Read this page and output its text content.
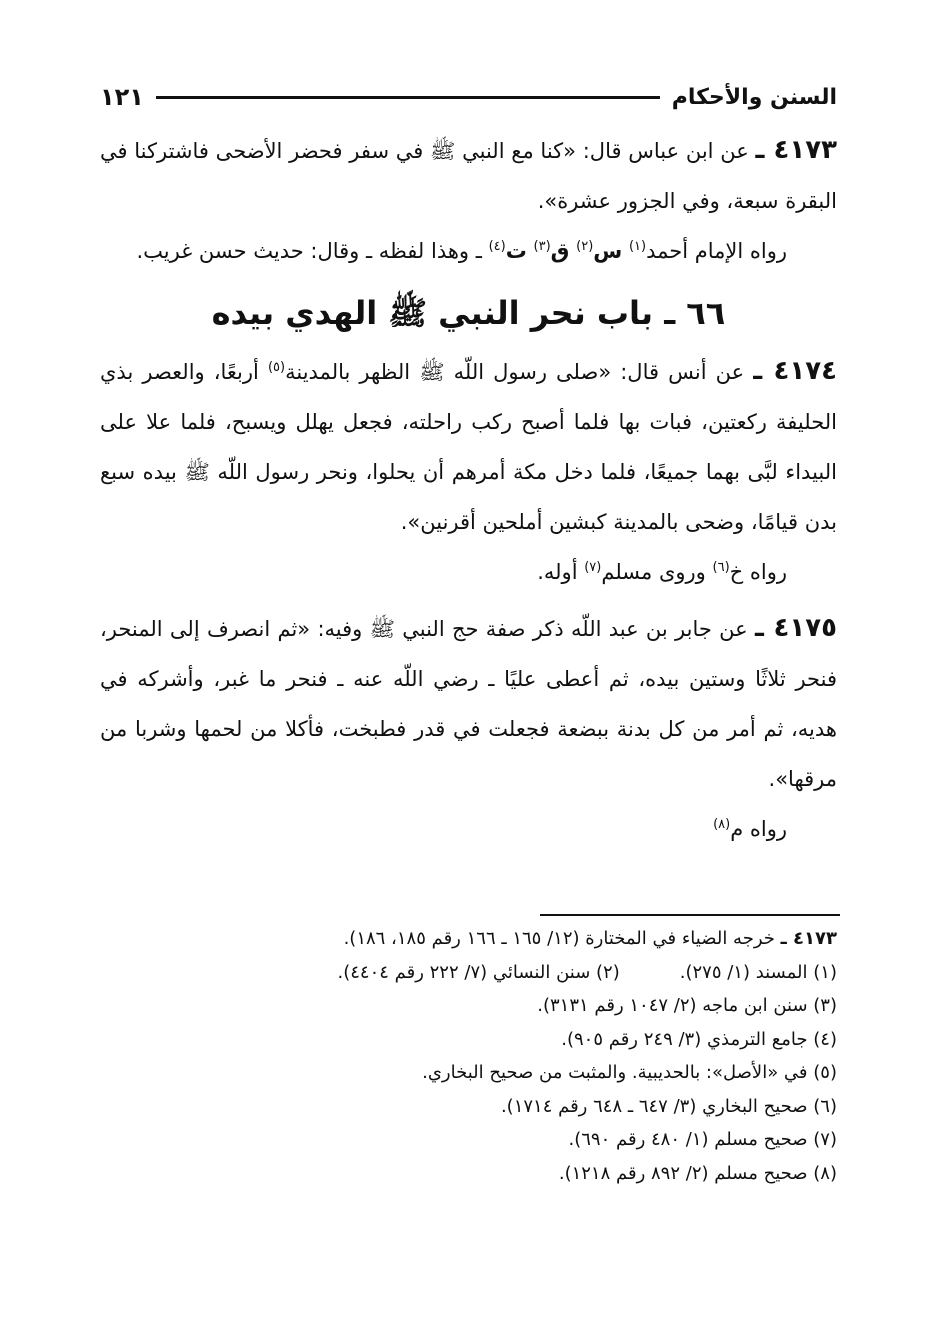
السنن والأحكام
١٢١

٤١٧٣ ـ عن ابن عباس قال: «كنا مع النبي ﷺ في سفر فحضر الأضحى فاشتركنا في البقرة سبعة، وفي الجزور عشرة».

رواه الإمام أحمد$^{(١)}$ س$^{(٢)}$ ق$^{(٣)}$ ت$^{(٤)}$ ـ وهذا لفظه ـ وقال: حديث حسن غريب.

٦٦ ـ باب نحر النبي ﷺ الهدي بيده

٤١٧٤ ـ عن أنس قال: «صلى رسول اللّه ﷺ الظهر بالمدينة$^{(٥)}$ أربعًا، والعصر بذي الحليفة ركعتين، فبات بها فلما أصبح ركب راحلته، فجعل يهلل ويسبح، فلما علا على البيداء لبَّى بهما جميعًا، فلما دخل مكة أمرهم أن يحلوا، ونحر رسول اللّه ﷺ بيده سبع بدن قيامًا، وضحى بالمدينة كبشين أملحين أقرنين».

رواه خ$^{(٦)}$ وروى مسلم$^{(٧)}$ أوله.

٤١٧٥ ـ عن جابر بن عبد اللّه ذكر صفة حج النبي ﷺ وفيه: «ثم انصرف إلى المنحر، فنحر ثلاثًا وستين بيده، ثم أعطى عليًا ـ رضي اللّه عنه ـ فنحر ما غبر، وأشركه في هديه، ثم أمر من كل بدنة ببضعة فجعلت في قدر فطبخت، فأكلا من لحمها وشربا من مرقها».

رواه م$^{(٨)}$

٤١٧٣ ـ

خرجه الضياء في المختارة (١٢/ ١٦٥ ـ ١٦٦ رقم ١٨٥، ١٨٦).
(١) المسند (١/ ٢٧٥).
(٢) سنن النسائي (٧/ ٢٢٢ رقم ٤٤٠٤).
(٣) سنن ابن ماجه (٢/ ١٠٤٧ رقم ٣١٣١).
(٤) جامع الترمذي (٣/ ٢٤٩ رقم ٩٠٥).
(٥) في «الأصل»: بالحديبية. والمثبت من صحيح البخاري.
(٦) صحيح البخاري (٣/ ٦٤٧ ـ ٦٤٨ رقم ١٧١٤).
(٧) صحيح مسلم (١/ ٤٨٠ رقم ٦٩٠).
(٨) صحيح مسلم (٢/ ٨٩٢ رقم ١٢١٨).
